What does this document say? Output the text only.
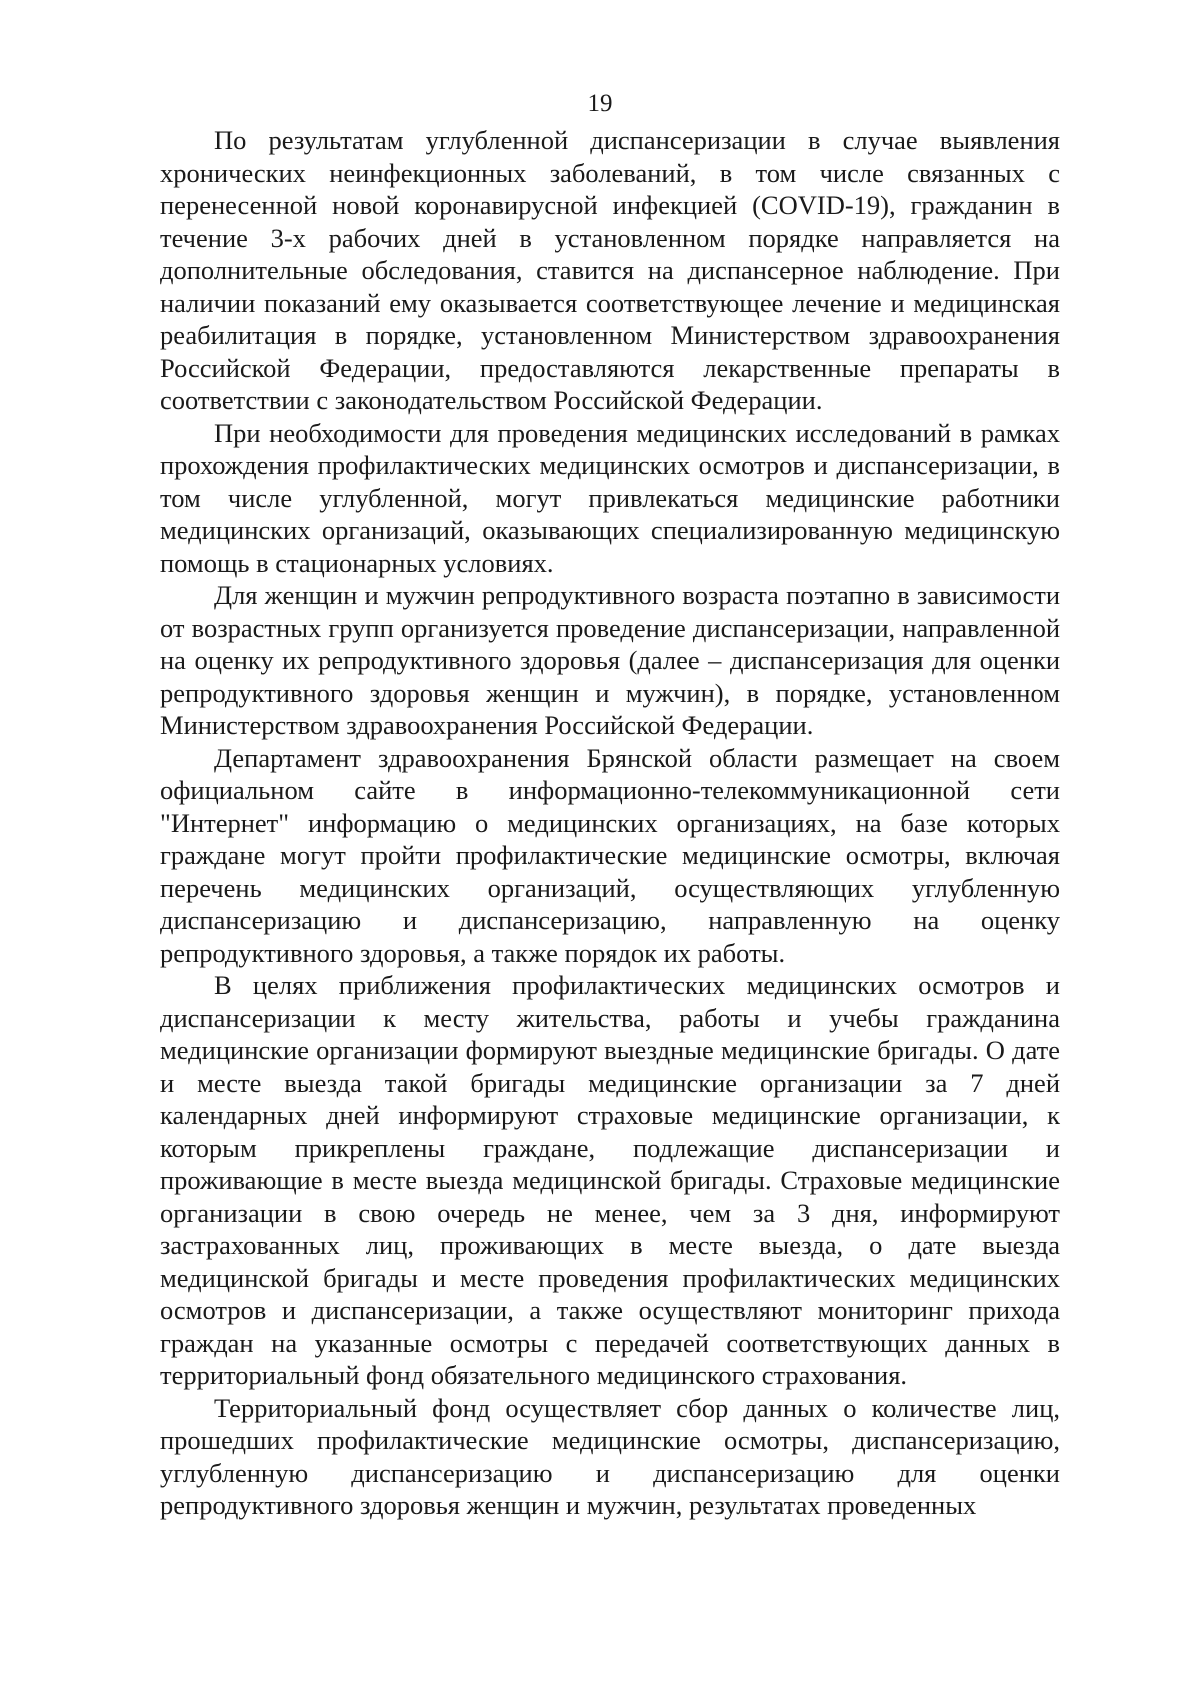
19

По результатам углубленной диспансеризации в случае выявления хронических неинфекционных заболеваний, в том числе связанных с перенесенной новой коронавирусной инфекцией (COVID-19), гражданин в течение 3-х рабочих дней в установленном порядке направляется на дополнительные обследования, ставится на диспансерное наблюдение. При наличии показаний ему оказывается соответствующее лечение и медицинская реабилитация в порядке, установленном Министерством здравоохранения Российской Федерации, предоставляются лекарственные препараты в соответствии с законодательством Российской Федерации.

При необходимости для проведения медицинских исследований в рамках прохождения профилактических медицинских осмотров и диспансеризации, в том числе углубленной, могут привлекаться медицинские работники медицинских организаций, оказывающих специализированную медицинскую помощь в стационарных условиях.

Для женщин и мужчин репродуктивного возраста поэтапно в зависимости от возрастных групп организуется проведение диспансеризации, направленной на оценку их репродуктивного здоровья (далее – диспансеризация для оценки репродуктивного здоровья женщин и мужчин), в порядке, установленном Министерством здравоохранения Российской Федерации.

Департамент здравоохранения Брянской области размещает на своем официальном сайте в информационно-телекоммуникационной сети "Интернет" информацию о медицинских организациях, на базе которых граждане могут пройти профилактические медицинские осмотры, включая перечень медицинских организаций, осуществляющих углубленную диспансеризацию и диспансеризацию, направленную на оценку репродуктивного здоровья, а также порядок их работы.

В целях приближения профилактических медицинских осмотров и диспансеризации к месту жительства, работы и учебы гражданина медицинские организации формируют выездные медицинские бригады. О дате и месте выезда такой бригады медицинские организации за 7 дней календарных дней информируют страховые медицинские организации, к которым прикреплены граждане, подлежащие диспансеризации и проживающие в месте выезда медицинской бригады. Страховые медицинские организации в свою очередь не менее, чем за 3 дня, информируют застрахованных лиц, проживающих в месте выезда, о дате выезда медицинской бригады и месте проведения профилактических медицинских осмотров и диспансеризации, а также осуществляют мониторинг прихода граждан на указанные осмотры с передачей соответствующих данных в территориальный фонд обязательного медицинского страхования.

Территориальный фонд осуществляет сбор данных о количестве лиц, прошедших профилактические медицинские осмотры, диспансеризацию, углубленную диспансеризацию и диспансеризацию для оценки репродуктивного здоровья женщин и мужчин, результатах проведенных
